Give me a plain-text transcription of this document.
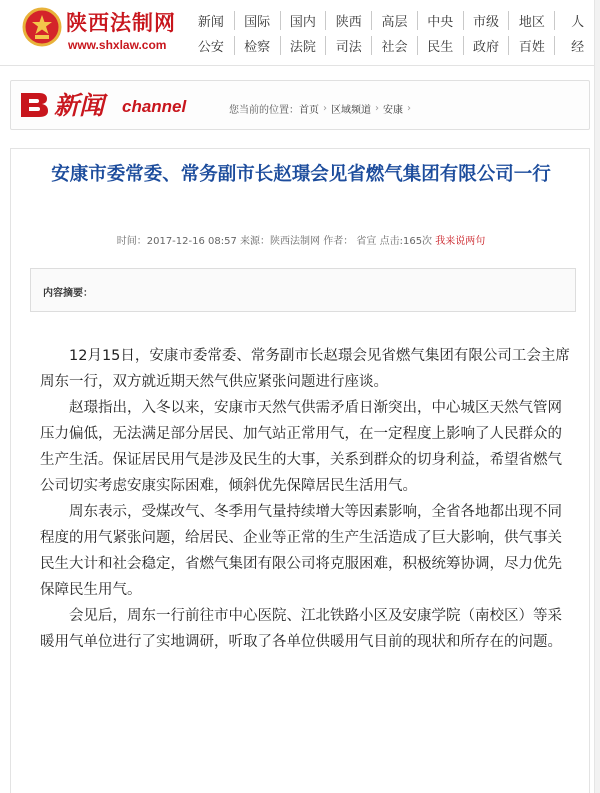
陕西法制网
www.shxlaw.com
新闻	国际	国内	陕西	高层	中央	市级	地区	人
公安	检察	法院	司法	社会	民生	政府	百姓	经
新闻 channel	您当前的位置： 首页 › 区域频道 › 安康 ›
安康市委常委、常务副市长赵璟会见省燃气集团有限公司一行
时间：2017-12-16 08:57 来源：陕西法制网 作者： 省宣 点击:165次 我来说两句
内容摘要：

12月15日，安康市委常委、常务副市长赵璟会见省燃气集团有限公司工会主席周东一行，双方就近期天然气供应紧张问题进行座谈。

赵璟指出，入冬以来，安康市天然气供需矛盾日渐突出，中心城区天然气管网压力偏低，无法满足部分居民、加气站正常用气，在一定程度上影响了人民群众的生产生活。保证居民用气是涉及民生的大事，关系到群众的切身利益，希望省燃气公司切实考虑安康实际困难，倾斜优先保障居民生活用气。

周东表示，受煤改气、冬季用气量持续增大等因素影响，全省各地都出现不同程度的用气紧张问题，给居民、企业等正常的生产生活造成了巨大影响，供气事关民生大计和社会稳定，省燃气集团有限公司将克服困难，积极统筹协调，尽力优先保障民生用气。

会见后，周东一行前往市中心医院、江北铁路小区及安康学院（南校区）等采暖用气单位进行了实地调研，听取了各单位供暖用气目前的现状和所存在的问题。
